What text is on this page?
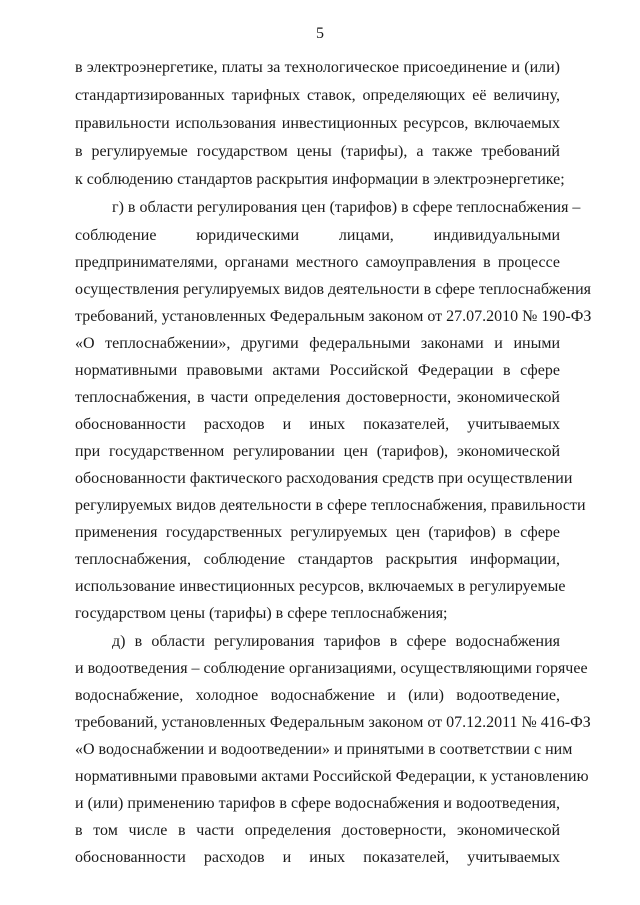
5
в электроэнергетике, платы за технологическое присоединение и (или)
стандартизированных тарифных ставок, определяющих её величину,
правильности использования инвестиционных ресурсов, включаемых
в регулируемые государством цены (тарифы), а также требований
к соблюдению стандартов раскрытия информации в электроэнергетике;
г) в области регулирования цен (тарифов) в сфере теплоснабжения –
соблюдение юридическими лицами, индивидуальными
предпринимателями, органами местного самоуправления в процессе
осуществления регулируемых видов деятельности в сфере теплоснабжения
требований, установленных Федеральным законом от 27.07.2010 № 190-ФЗ
«О теплоснабжении», другими федеральными законами и иными
нормативными правовыми актами Российской Федерации в сфере
теплоснабжения, в части определения достоверности, экономической
обоснованности расходов и иных показателей, учитываемых
при государственном регулировании цен (тарифов), экономической
обоснованности фактического расходования средств при осуществлении
регулируемых видов деятельности в сфере теплоснабжения, правильности
применения государственных регулируемых цен (тарифов) в сфере
теплоснабжения, соблюдение стандартов раскрытия информации,
использование инвестиционных ресурсов, включаемых в регулируемые
государством цены (тарифы) в сфере теплоснабжения;
д) в области регулирования тарифов в сфере водоснабжения
и водоотведения – соблюдение организациями, осуществляющими горячее
водоснабжение, холодное водоснабжение и (или) водоотведение,
требований, установленных Федеральным законом от 07.12.2011 № 416-ФЗ
«О водоснабжении и водоотведении» и принятыми в соответствии с ним
нормативными правовыми актами Российской Федерации, к установлению
и (или) применению тарифов в сфере водоснабжения и водоотведения,
в том числе в части определения достоверности, экономической
обоснованности расходов и иных показателей, учитываемых
